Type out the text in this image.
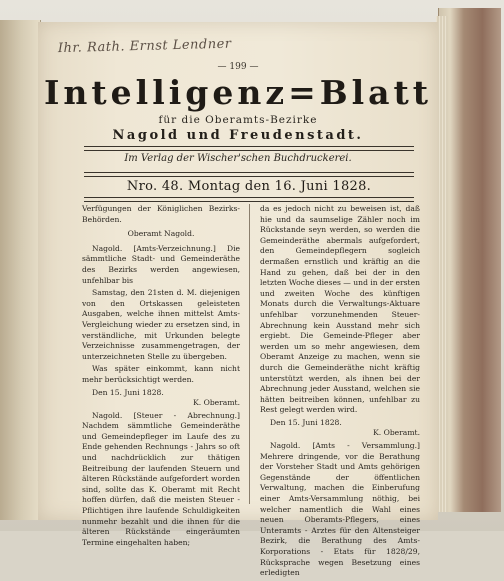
Ihr. Rath. Ernst Lendner
— 199 —
Intelligenz=Blatt
für die Oberamts-Bezirke
Nagold und Freudenstadt.
Im Verlag der Wischer'schen Buchdruckerei.
Nro. 48. Montag den 16. Juni 1828.

Verfügungen der Königlichen Bezirks-Behörden.

Oberamt Nagold.

Nagold. [Amts-Verzeichnung.] Die sämmtliche Stadt- und Gemeinderäthe des Bezirks werden angewiesen, unfehlbar bis

Samstag, den 21sten d. M. diejenigen von den Ortskassen geleisteten Ausgaben, welche ihnen mittelst Amts-Vergleichung wieder zu ersetzen sind, in verständliche, mit Urkunden belegte Verzeichnisse zusammengetragen, der unterzeichneten Stelle zu übergeben.

Was später einkommt, kann nicht mehr berücksichtigt werden.

Den 15. Juni 1828.

K. Oberamt.

Nagold. [Steuer - Abrechnung.] Nachdem sämmtliche Gemeinderäthe und Gemeindepfleger im Laufe des zu Ende gehenden Rechnungs - Jahrs so oft und nachdrücklich zur thätigen Beitreibung der laufenden Steuern und älteren Rückstände aufgefordert worden sind, sollte das K. Oberamt mit Recht hoffen dürfen, daß die meisten Steuer - Pflichtigen ihre laufende Schuldigkeiten nunmehr bezahlt und die ihnen für die älteren Rückstände eingeräumten Termine eingehalten haben;

da es jedoch nicht zu beweisen ist, daß hie und da saumselige Zähler noch im Rückstande seyn werden, so werden die Gemeinderäthe abermals aufgefordert, den Gemeindepflegern sogleich dermaßen ernstlich und kräftig an die Hand zu gehen, daß bei der in den letzten Woche dieses — und in der ersten und zweiten Woche des künftigen Monats durch die Verwaltungs-Aktuare unfehlbar vorzunehmenden Steuer-Abrechnung kein Ausstand mehr sich ergiebt. Die Gemeinde-Pfleger aber werden um so mehr angewiesen, dem Oberamt Anzeige zu machen, wenn sie durch die Gemeinderäthe nicht kräftig unterstützt werden, als ihnen bei der Abrechnung jeder Ausstand, welchen sie hätten beitreiben können, unfehlbar zu Rest gelegt werden wird.

Den 15. Juni 1828.

K. Oberamt.

Nagold. [Amts - Versammlung.] Mehrere dringende, vor die Berathung der Vorsteher Stadt und Amts gehörigen Gegenstände der öffentlichen Verwaltung, machen die Einberufung einer Amts-Versammlung nöthig, bei welcher namentlich die Wahl eines neuen Oberamts-Pflegers, eines Unteramts - Arztes für den Altensteiger Bezirk, die Berathung des Amts-Korporations - Etats für 1828/29, Rücksprache wegen Besetzung eines erledigten
